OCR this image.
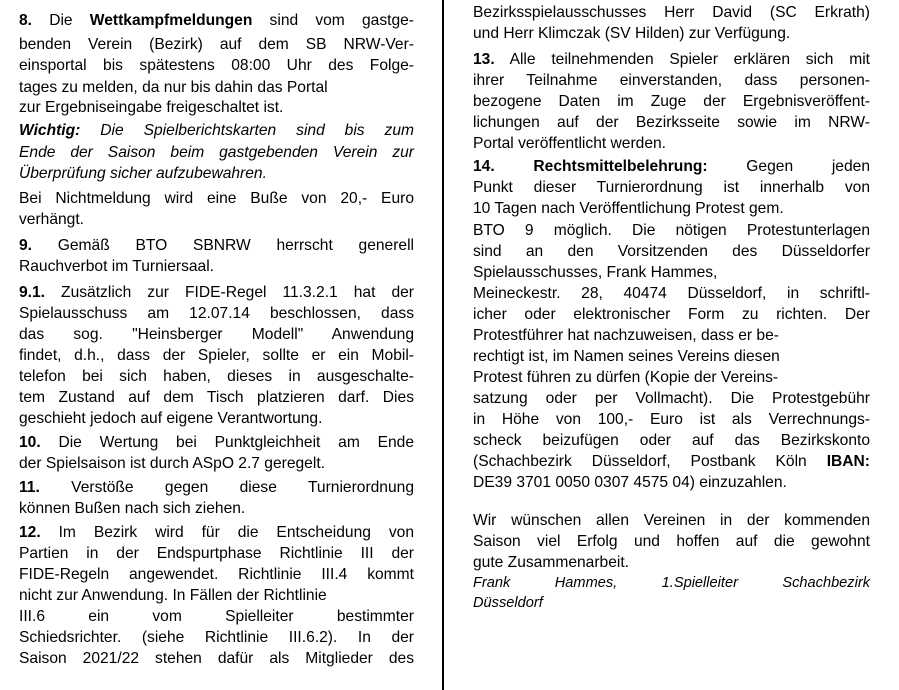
8. Die Wettkampfmeldungen sind vom gastge-
benden Verein (Bezirk) auf dem SB NRW-Ver-
einsportal bis spätestens 08:00 Uhr des Folge-
tages zu melden, da nur bis dahin das Portal
zur Ergebniseingabe freigeschaltet ist.
Wichtig: Die Spielberichtskarten sind bis zum
Ende der Saison beim gastgebenden Verein zur
Überprüfung sicher aufzubewahren.
Bei Nichtmeldung wird eine Buße von 20,- Euro
verhängt.
9. Gemäß BTO SBNRW herrscht generell
Rauchverbot im Turniersaal.
9.1. Zusätzlich zur FIDE-Regel 11.3.2.1 hat der
Spielausschuss am 12.07.14 beschlossen, dass
das sog. "Heinsberger Modell" Anwendung
findet, d.h., dass der Spieler, sollte er ein Mobil-
telefon bei sich haben, dieses in ausgeschalte-
tem Zustand auf dem Tisch platzieren darf. Dies
geschieht jedoch auf eigene Verantwortung.
10. Die Wertung bei Punktgleichheit am Ende
der Spielsaison ist durch ASpO 2.7 geregelt.
11. Verstöße gegen diese Turnierordnung
können Bußen nach sich ziehen.
12. Im Bezirk wird für die Entscheidung von
Partien in der Endspurtphase Richtlinie III der
FIDE-Regeln angewendet. Richtlinie III.4 kommt
nicht zur Anwendung. In Fällen der Richtlinie
III.6 ein vom Spielleiter bestimmter
Schiedsrichter. (siehe Richtlinie III.6.2). In der
Saison 2021/22 stehen dafür als Mitglieder des
Bezirksspielausschusses Herr David (SC Erkrath)
und Herr Klimczak (SV Hilden) zur Verfügung.
13. Alle teilnehmenden Spieler erklären sich mit
ihrer Teilnahme einverstanden, dass personen-
bezogene Daten im Zuge der Ergebnisveröffent-
lichungen auf der Bezirksseite sowie im NRW-
Portal veröffentlicht werden.
14. Rechtsmittelbelehrung: Gegen jeden
Punkt dieser Turnierordnung ist innerhalb von
10 Tagen nach Veröffentlichung Protest gem.
BTO 9 möglich. Die nötigen Protestunterlagen
sind an den Vorsitzenden des Düsseldorfer
Spielausschusses, Frank Hammes,
Meineckestr. 28, 40474 Düsseldorf, in schriftl-
icher oder elektronischer Form zu richten. Der
Protestführer hat nachzuweisen, dass er be-
rechtigt ist, im Namen seines Vereins diesen
Protest führen zu dürfen (Kopie der Vereins-
satzung oder per Vollmacht). Die Protestgebühr
in Höhe von 100,- Euro ist als Verrechnungs-
scheck beizufügen oder auf das Bezirkskonto
(Schachbezirk Düsseldorf, Postbank Köln IBAN:
DE39 3701 0050 0307 4575 04) einzuzahlen.
Wir wünschen allen Vereinen in der kommenden
Saison viel Erfolg und hoffen auf die gewohnt
gute Zusammenarbeit.
Frank Hammes, 1.Spielleiter Schachbezirk
Düsseldorf
